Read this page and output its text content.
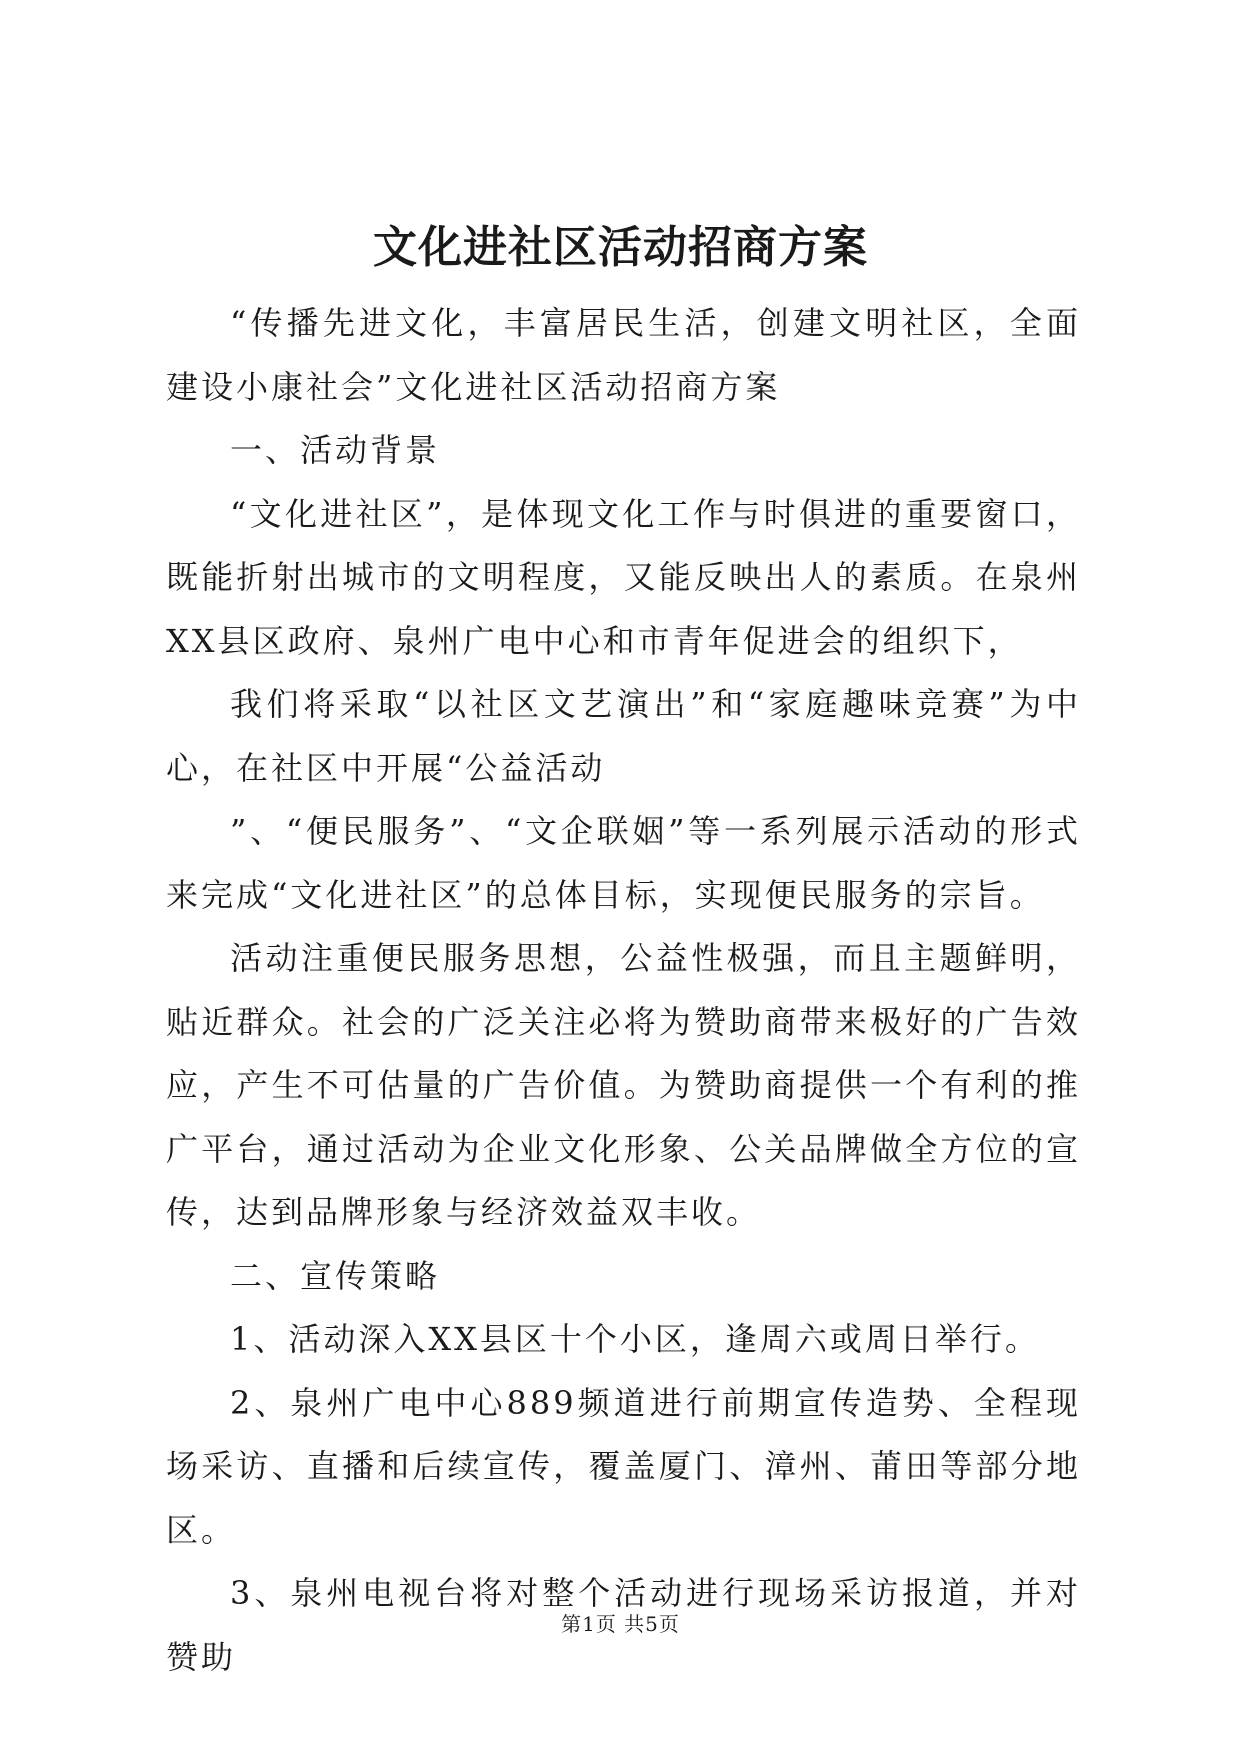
文化进社区活动招商方案

“传播先进文化，丰富居民生活，创建文明社区，全面建设小康社会”文化进社区活动招商方案

一、活动背景

“文化进社区”，是体现文化工作与时俱进的重要窗口，既能折射出城市的文明程度，又能反映出人的素质。在泉州XX县区政府、泉州广电中心和市青年促进会的组织下，

我们将采取“以社区文艺演出”和“家庭趣味竞赛”为中心，在社区中开展“公益活动

”、“便民服务”、“文企联姻”等一系列展示活动的形式来完成“文化进社区”的总体目标，实现便民服务的宗旨。

活动注重便民服务思想，公益性极强，而且主题鲜明，贴近群众。社会的广泛关注必将为赞助商带来极好的广告效应，产生不可估量的广告价值。为赞助商提供一个有利的推广平台，通过活动为企业文化形象、公关品牌做全方位的宣传，达到品牌形象与经济效益双丰收。

二、宣传策略

1、活动深入XX县区十个小区，逢周六或周日举行。

2、泉州广电中心889频道进行前期宣传造势、全程现场采访、直播和后续宣传，覆盖厦门、漳州、莆田等部分地区。

3、泉州电视台将对整个活动进行现场采访报道，并对赞助

第1页 共5页
